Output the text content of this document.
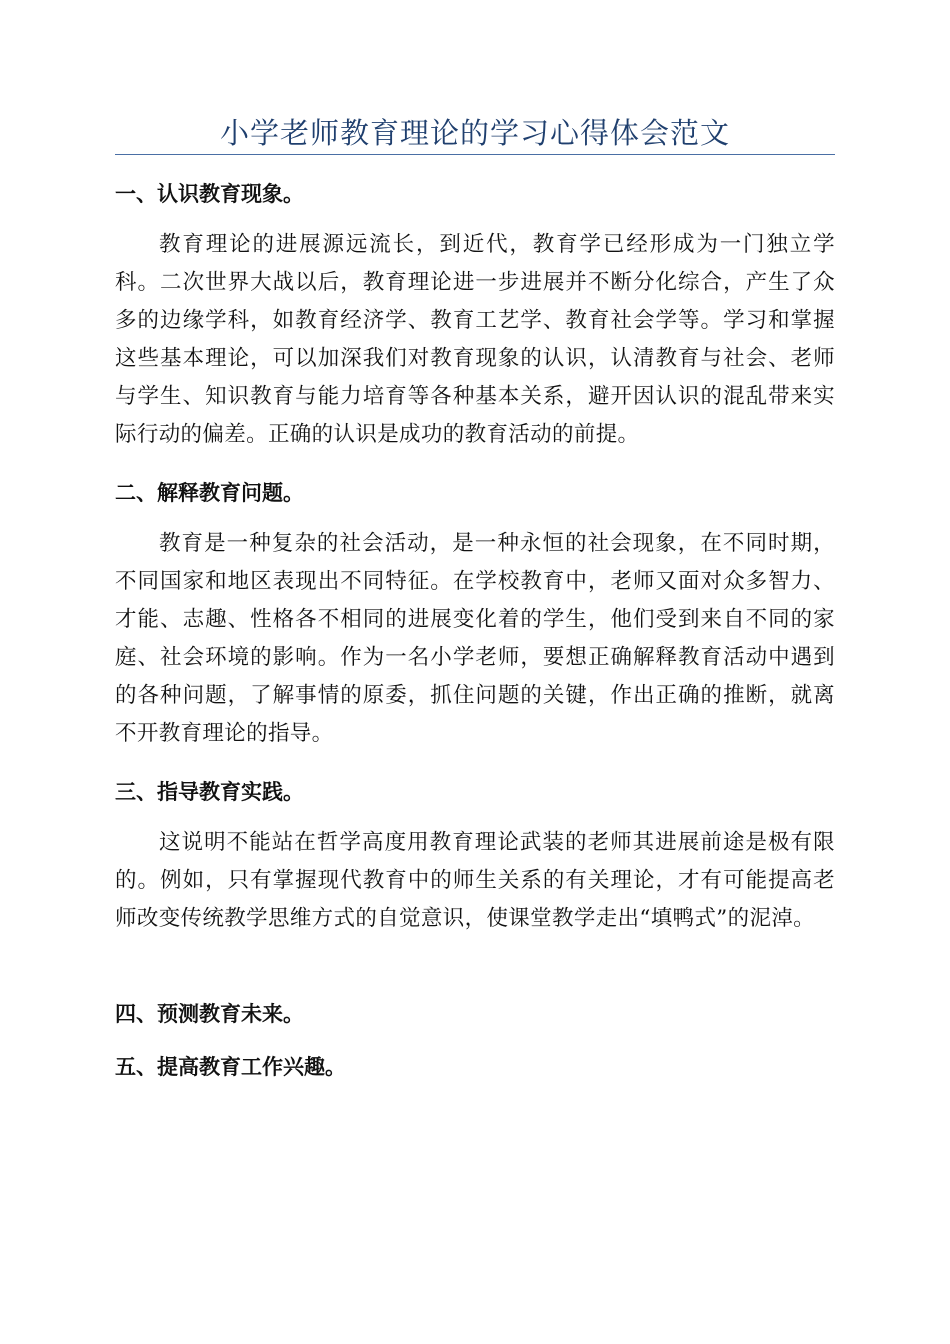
小学老师教育理论的学习心得体会范文
一、认识教育现象。
教育理论的进展源远流长，到近代，教育学已经形成为一门独立学科。二次世界大战以后，教育理论进一步进展并不断分化综合，产生了众多的边缘学科，如教育经济学、教育工艺学、教育社会学等。学习和掌握这些基本理论，可以加深我们对教育现象的认识，认清教育与社会、老师与学生、知识教育与能力培育等各种基本关系，避开因认识的混乱带来实际行动的偏差。正确的认识是成功的教育活动的前提。
二、解释教育问题。
教育是一种复杂的社会活动，是一种永恒的社会现象，在不同时期，不同国家和地区表现出不同特征。在学校教育中，老师又面对众多智力、才能、志趣、性格各不相同的进展变化着的学生，他们受到来自不同的家庭、社会环境的影响。作为一名小学老师，要想正确解释教育活动中遇到的各种问题，了解事情的原委，抓住问题的关键，作出正确的推断，就离不开教育理论的指导。
三、指导教育实践。
这说明不能站在哲学高度用教育理论武装的老师其进展前途是极有限的。例如，只有掌握现代教育中的师生关系的有关理论，才有可能提高老师改变传统教学思维方式的自觉意识，使课堂教学走出“填鸭式”的泥淖。
四、预测教育未来。
五、提高教育工作兴趣。
